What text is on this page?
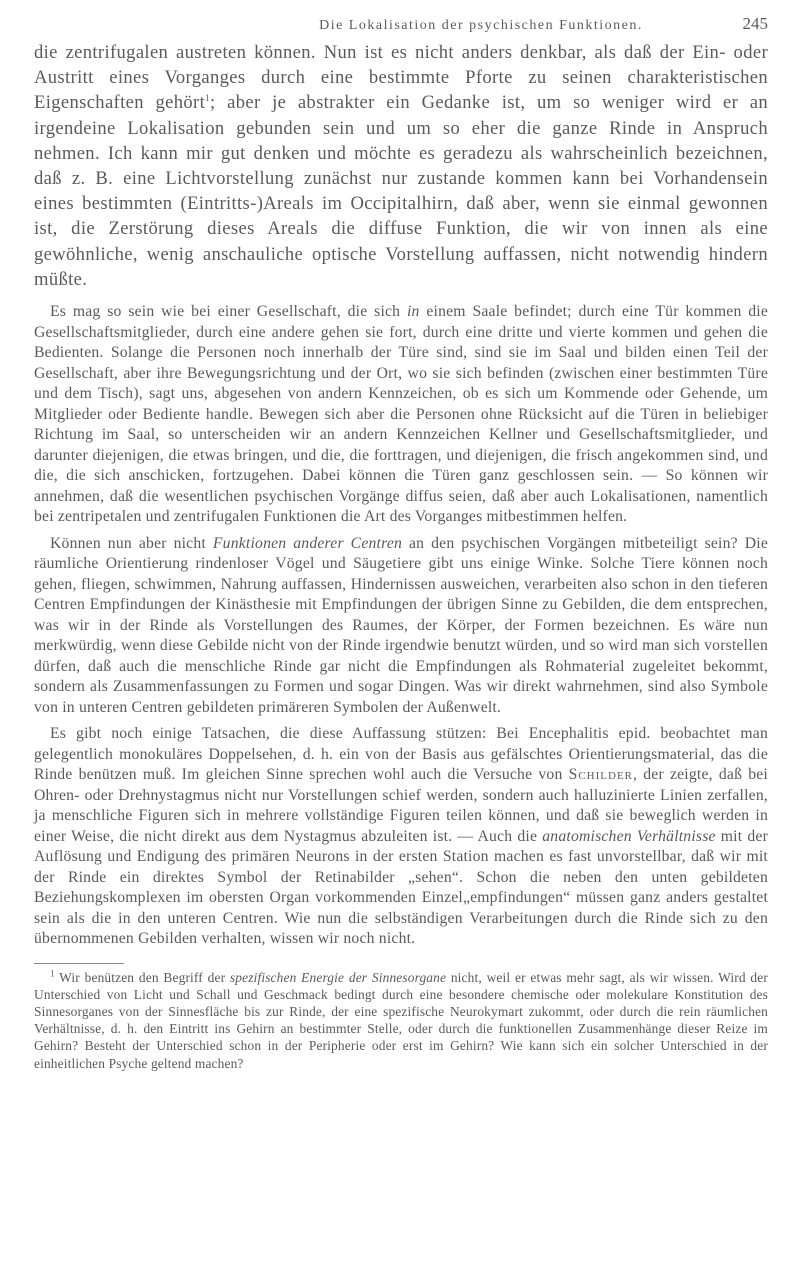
Die Lokalisation der psychischen Funktionen.	245

die zentrifugalen austreten können. Nun ist es nicht anders denkbar, als daß der Ein- oder Austritt eines Vorganges durch eine bestimmte Pforte zu seinen charakteristischen Eigenschaften gehört$^1$; aber je abstrakter ein Gedanke ist, um so weniger wird er an irgendeine Lokalisation gebunden sein und um so eher die ganze Rinde in Anspruch nehmen. Ich kann mir gut denken und möchte es geradezu als wahrscheinlich bezeichnen, daß z. B. eine Lichtvorstellung zunächst nur zustande kommen kann bei Vorhandensein eines bestimmten (Eintritts-)Areals im Occipitalhirn, daß aber, wenn sie einmal gewonnen ist, die Zerstörung dieses Areals die diffuse Funktion, die wir von innen als eine gewöhnliche, wenig anschauliche optische Vorstellung auffassen, nicht notwendig hindern müßte.

Es mag so sein wie bei einer Gesellschaft, die sich in einem Saale befindet; durch eine Tür kommen die Gesellschaftsmitglieder, durch eine andere gehen sie fort, durch eine dritte und vierte kommen und gehen die Bedienten. Solange die Personen noch innerhalb der Türe sind, sind sie im Saal und bilden einen Teil der Gesellschaft, aber ihre Bewegungsrichtung und der Ort, wo sie sich befinden (zwischen einer bestimmten Türe und dem Tisch), sagt uns, abgesehen von andern Kennzeichen, ob es sich um Kommende oder Gehende, um Mitglieder oder Bediente handle. Bewegen sich aber die Personen ohne Rücksicht auf die Türen in beliebiger Richtung im Saal, so unterscheiden wir an andern Kennzeichen Kellner und Gesellschaftsmitglieder, und darunter diejenigen, die etwas bringen, und die, die forttragen, und diejenigen, die frisch angekommen sind, und die, die sich anschicken, fortzugehen. Dabei können die Türen ganz geschlossen sein. — So können wir annehmen, daß die wesentlichen psychischen Vorgänge diffus seien, daß aber auch Lokalisationen, namentlich bei zentripetalen und zentrifugalen Funktionen die Art des Vorganges mitbestimmen helfen.

Können nun aber nicht Funktionen anderer Centren an den psychischen Vorgängen mitbeteiligt sein? Die räumliche Orientierung rindenloser Vögel und Säugetiere gibt uns einige Winke. Solche Tiere können noch gehen, fliegen, schwimmen, Nahrung auffassen, Hindernissen ausweichen, verarbeiten also schon in den tieferen Centren Empfindungen der Kinästhesie mit Empfindungen der übrigen Sinne zu Gebilden, die dem entsprechen, was wir in der Rinde als Vorstellungen des Raumes, der Körper, der Formen bezeichnen. Es wäre nun merkwürdig, wenn diese Gebilde nicht von der Rinde irgendwie benutzt würden, und so wird man sich vorstellen dürfen, daß auch die menschliche Rinde gar nicht die Empfindungen als Rohmaterial zugeleitet bekommt, sondern als Zusammenfassungen zu Formen und sogar Dingen. Was wir direkt wahrnehmen, sind also Symbole von in unteren Centren gebildeten primäreren Symbolen der Außenwelt.

Es gibt noch einige Tatsachen, die diese Auffassung stützen: Bei Encephalitis epid. beobachtet man gelegentlich monokuläres Doppelsehen, d. h. ein von der Basis aus gefälschtes Orientierungsmaterial, das die Rinde benützen muß. Im gleichen Sinne sprechen wohl auch die Versuche von Schilder, der zeigte, daß bei Ohren- oder Drehnystagmus nicht nur Vorstellungen schief werden, sondern auch halluzinierte Linien zerfallen, ja menschliche Figuren sich in mehrere vollständige Figuren teilen können, und daß sie beweglich werden in einer Weise, die nicht direkt aus dem Nystagmus abzuleiten ist. — Auch die anatomischen Verhältnisse mit der Auflösung und Endigung des primären Neurons in der ersten Station machen es fast unvorstellbar, daß wir mit der Rinde ein direktes Symbol der Retinabilder „sehen“. Schon die neben den unten gebildeten Beziehungskomplexen im obersten Organ vorkommenden Einzel„empfindungen“ müssen ganz anders gestaltet sein als die in den unteren Centren. Wie nun die selbständigen Verarbeitungen durch die Rinde sich zu den übernommenen Gebilden verhalten, wissen wir noch nicht.

$^1$ Wir benützen den Begriff der spezifischen Energie der Sinnesorgane nicht, weil er etwas mehr sagt, als wir wissen. Wird der Unterschied von Licht und Schall und Geschmack bedingt durch eine besondere chemische oder molekulare Konstitution des Sinnesorganes von der Sinnesfläche bis zur Rinde, der eine spezifische Neurokymart zukommt, oder durch die rein räumlichen Verhältnisse, d. h. den Eintritt ins Gehirn an bestimmter Stelle, oder durch die funktionellen Zusammenhänge dieser Reize im Gehirn? Besteht der Unterschied schon in der Peripherie oder erst im Gehirn? Wie kann sich ein solcher Unterschied in der einheitlichen Psyche geltend machen?
